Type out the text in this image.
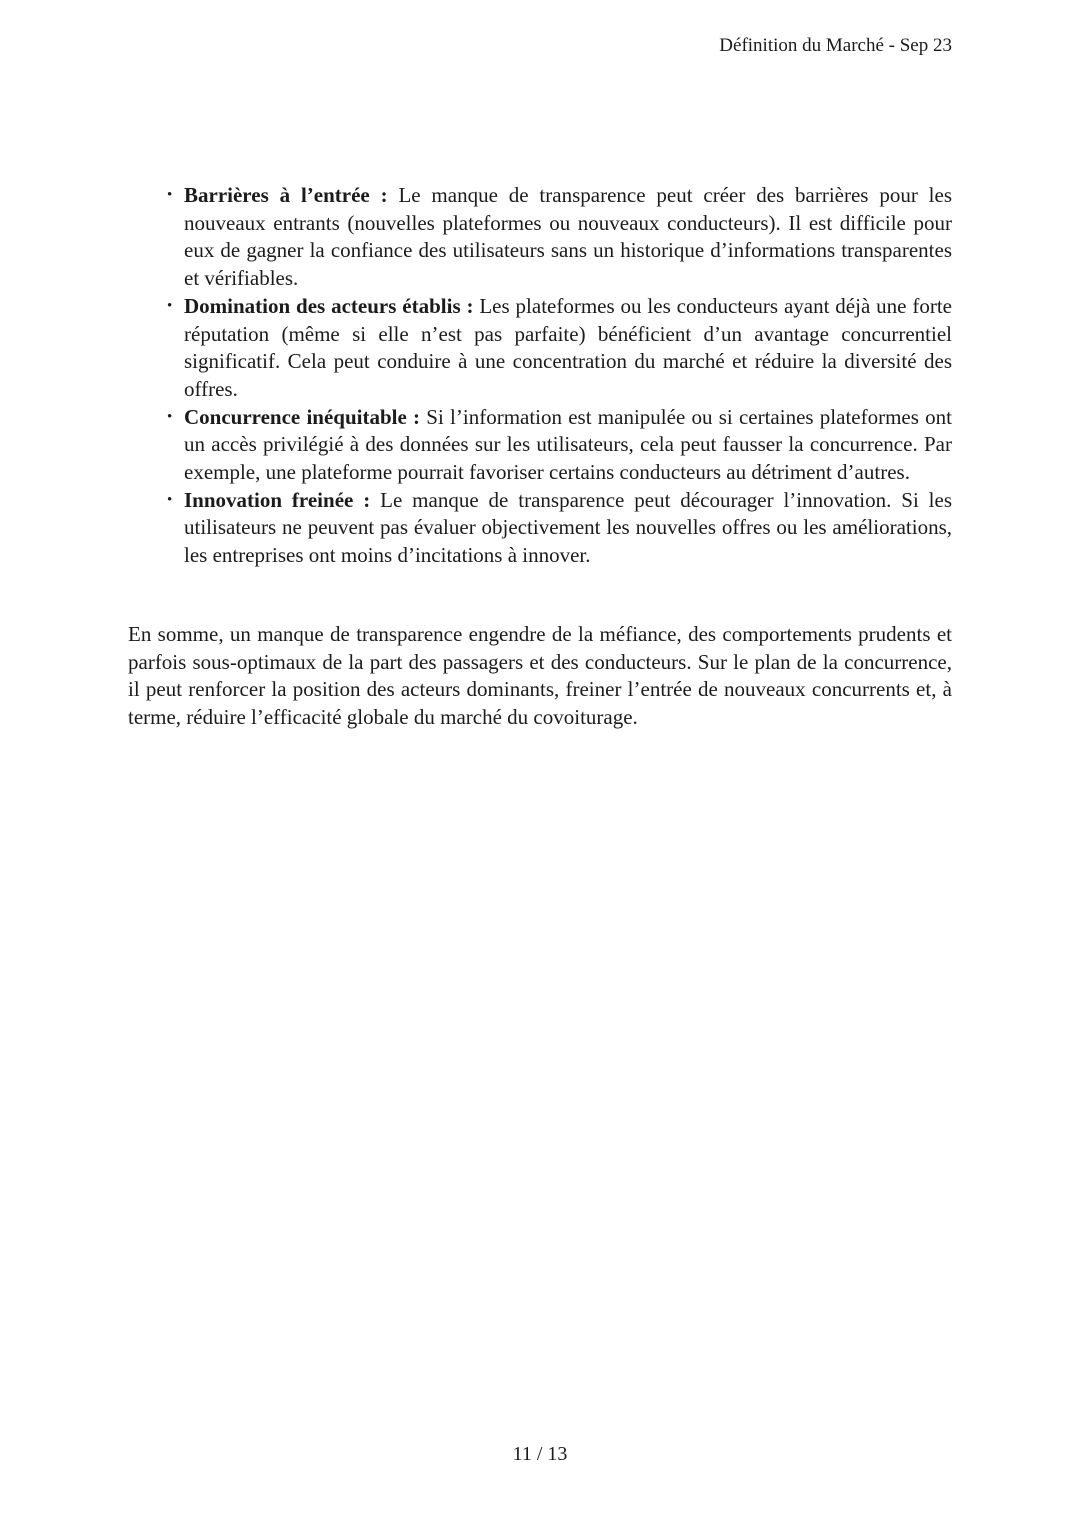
Définition du Marché - Sep 23
• Barrières à l’entrée : Le manque de transparence peut créer des barrières pour les nouveaux entrants (nouvelles plateformes ou nouveaux conducteurs). Il est difficile pour eux de gagner la confiance des utilisateurs sans un historique d’informations transparentes et vérifiables.
• Domination des acteurs établis : Les plateformes ou les conducteurs ayant déjà une forte réputation (même si elle n’est pas parfaite) bénéficient d’un avantage concurrentiel significatif. Cela peut conduire à une concentration du marché et réduire la diversité des offres.
• Concurrence inéquitable : Si l’information est manipulée ou si certaines plateformes ont un accès privilégié à des données sur les utilisateurs, cela peut fausser la concurrence. Par exemple, une plateforme pourrait favoriser certains conducteurs au détriment d’autres.
• Innovation freinée : Le manque de transparence peut décourager l’innovation. Si les utilisateurs ne peuvent pas évaluer objectivement les nouvelles offres ou les améliorations, les entreprises ont moins d’incitations à innover.

En somme, un manque de transparence engendre de la méfiance, des comportements prudents et parfois sous-optimaux de la part des passagers et des conducteurs. Sur le plan de la concurrence, il peut renforcer la position des acteurs dominants, freiner l’entrée de nouveaux concurrents et, à terme, réduire l’efficacité globale du marché du covoiturage.

11 / 13
